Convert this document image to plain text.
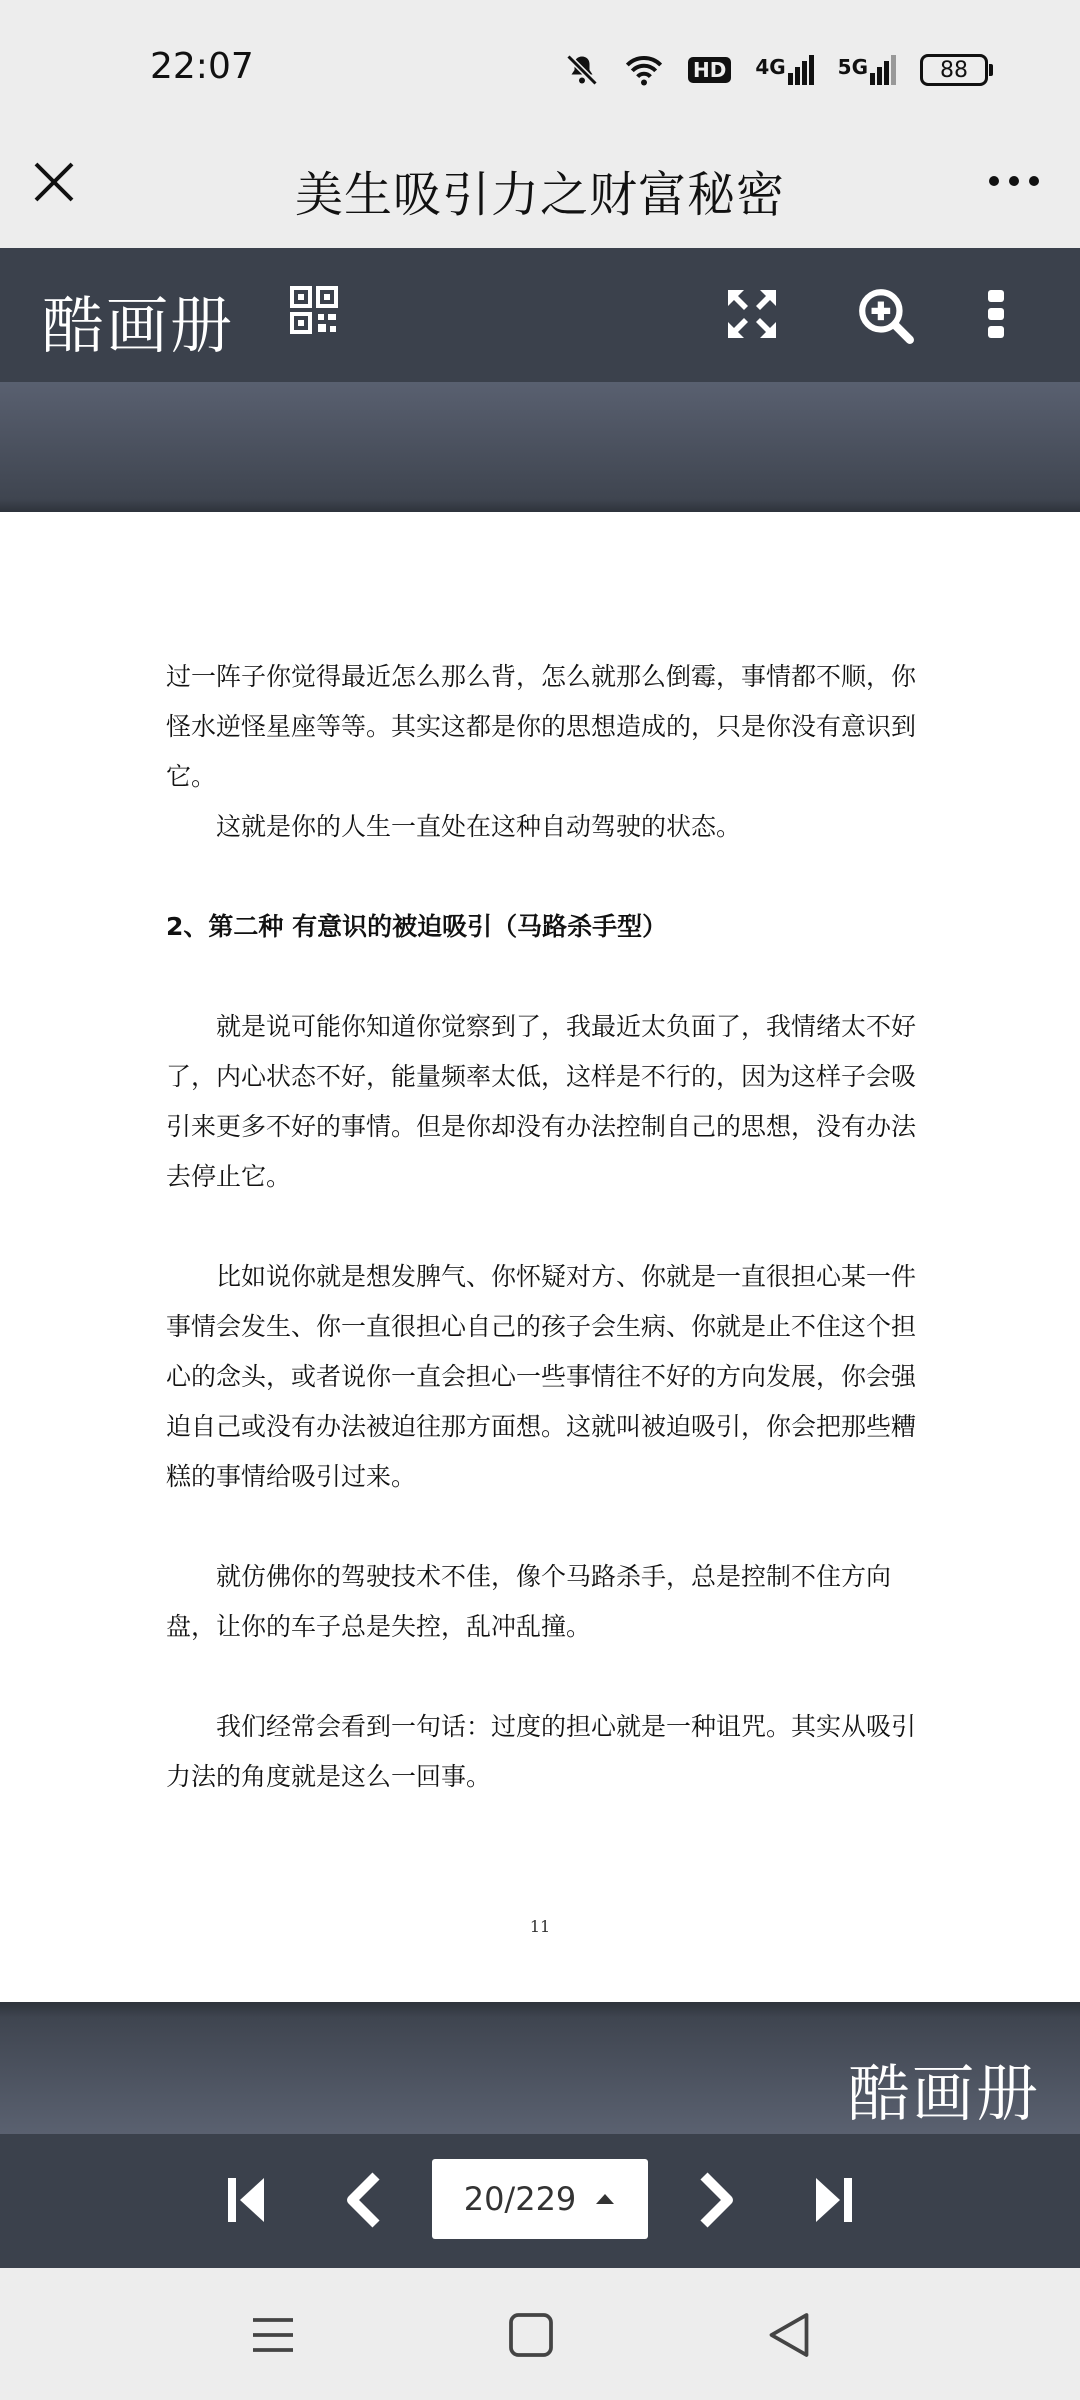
22:07	HD 4G	5G	88
美生吸引力之财富秘密
酷画册

过一阵子你觉得最近怎么那么背，怎么就那么倒霉，事情都不顺，你怪水逆怪星座等等。其实这都是你的思想造成的，只是你没有意识到它。

这就是你的人生一直处在这种自动驾驶的状态。

2、第二种 有意识的被迫吸引（马路杀手型）

就是说可能你知道你觉察到了，我最近太负面了，我情绪太不好了，内心状态不好，能量频率太低，这样是不行的，因为这样子会吸引来更多不好的事情。但是你却没有办法控制自己的思想，没有办法去停止它。

比如说你就是想发脾气、你怀疑对方、你就是一直很担心某一件事情会发生、你一直很担心自己的孩子会生病、你就是止不住这个担心的念头，或者说你一直会担心一些事情往不好的方向发展，你会强迫自己或没有办法被迫往那方面想。这就叫被迫吸引，你会把那些糟糕的事情给吸引过来。

就仿佛你的驾驶技术不佳，像个马路杀手，总是控制不住方向盘，让你的车子总是失控，乱冲乱撞。

我们经常会看到一句话：过度的担心就是一种诅咒。其实从吸引力法的角度就是这么一回事。

11
酷画册
20/229
